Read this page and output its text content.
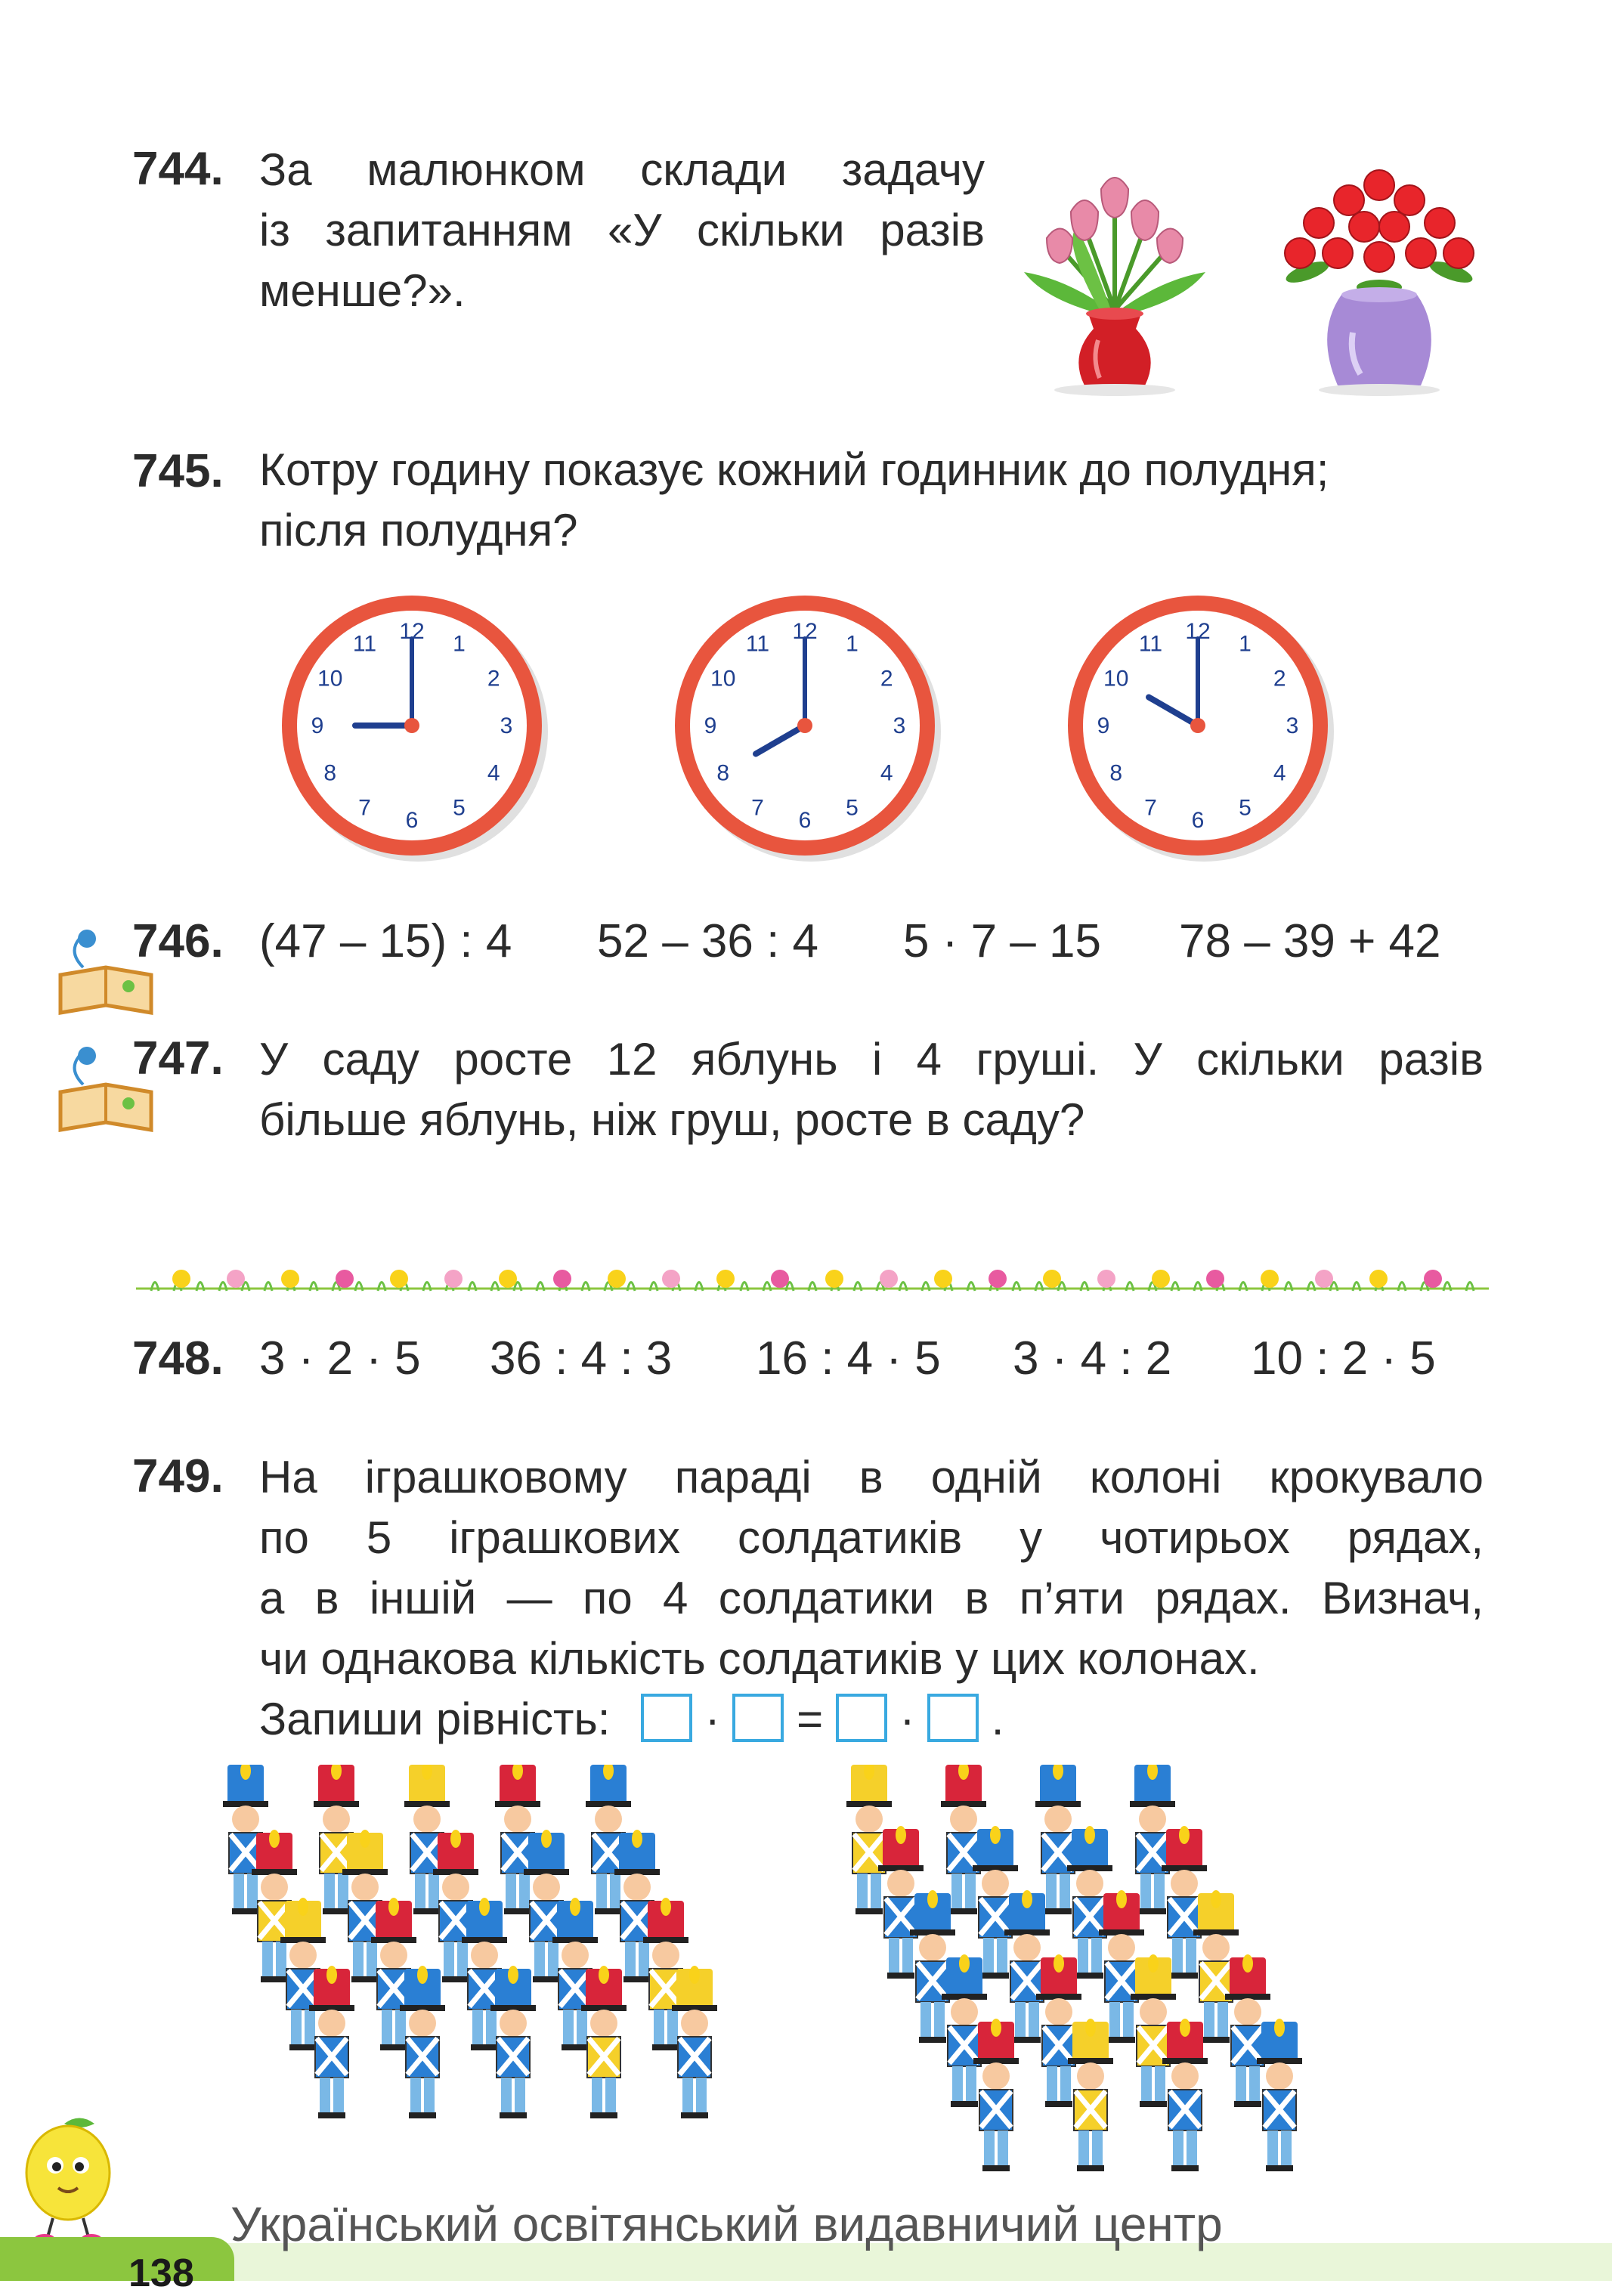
744. За малюнком склади задачу
із запитанням «У скільки разів
менше?».
745. Котру годину показує кожний годинник до полудня;
після полудня?
12
1
2
3
4
5
6
7
8
9
10
11
12
1
2
3
4
5
6
7
8
9
10
11
12
1
2
3
4
5
6
7
8
9
10
11
746. (47 – 15) : 4 52 – 36 : 4 5 · 7 – 15 78 – 39 + 42
747. У саду росте 12 яблунь і 4 груші. У скільки разів
більше яблунь, ніж груш, росте в саду?
748. 3 · 2 · 5 36 : 4 : 3 16 : 4 · 5 3 · 4 : 2 10 : 2 · 5
749. На іграшковому параді в одній колоні крокувало
по 5 іграшкових солдатиків у чотирьох рядах,
а в іншій — по 4 солдатики в п’яти рядах. Визнач,
чи однакова кількість солдатиків у цих колонах.
Запиши рівність: · = · .
138
Український освітянський видавничий центр
